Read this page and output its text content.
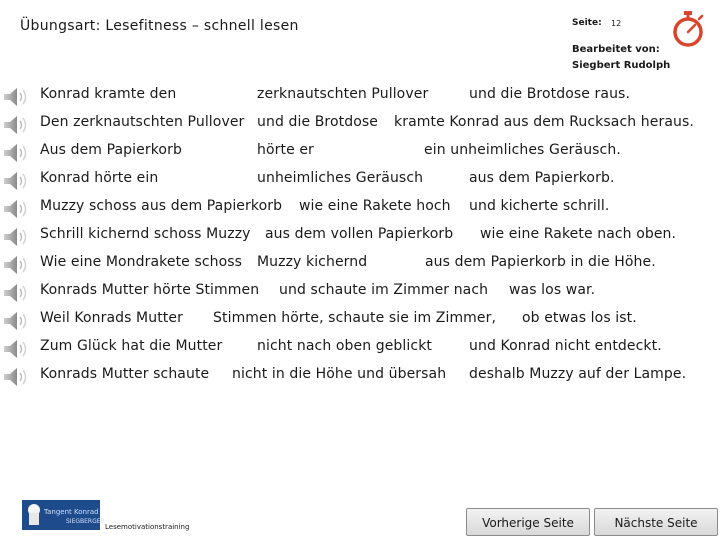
Übungsart: Lesefitness – schnell lesen	Seite: 12
Bearbeitet von:
Siegbert Rudolph
Konrad kramte den	zerknautschten Pullover	und die Brotdose raus.
Den zerknautschten Pullover und die Brotdose kramte Konrad aus dem Rucksach heraus.
Aus dem Papierkorb	hörte er	ein unheimliches Geräusch.
Konrad hörte ein	unheimliches Geräusch	aus dem Papierkorb.
Muzzy schoss aus dem Papierkorb wie eine Rakete hoch und kicherte schrill.
Schrill kichernd schoss Muzzy aus dem vollen Papierkorb wie eine Rakete nach oben.
Wie eine Mondrakete schoss Muzzy kichernd	aus dem Papierkorb in die Höhe.
Konrads Mutter hörte Stimmen und schaute im Zimmer nach was los war.
Weil Konrads Mutter Stimmen hörte, schaute sie im Zimmer, ob etwas los ist.
Zum Glück hat die Mutter nicht nach oben geblickt	und Konrad nicht entdeckt.
Konrads Mutter schaute nicht in die Höhe und übersah deshalb Muzzy auf der Lampe.
Tangent Konrad
SIEGBERGER
Lesemotivationstraining	Vorherige Seite	Nächste Seite
